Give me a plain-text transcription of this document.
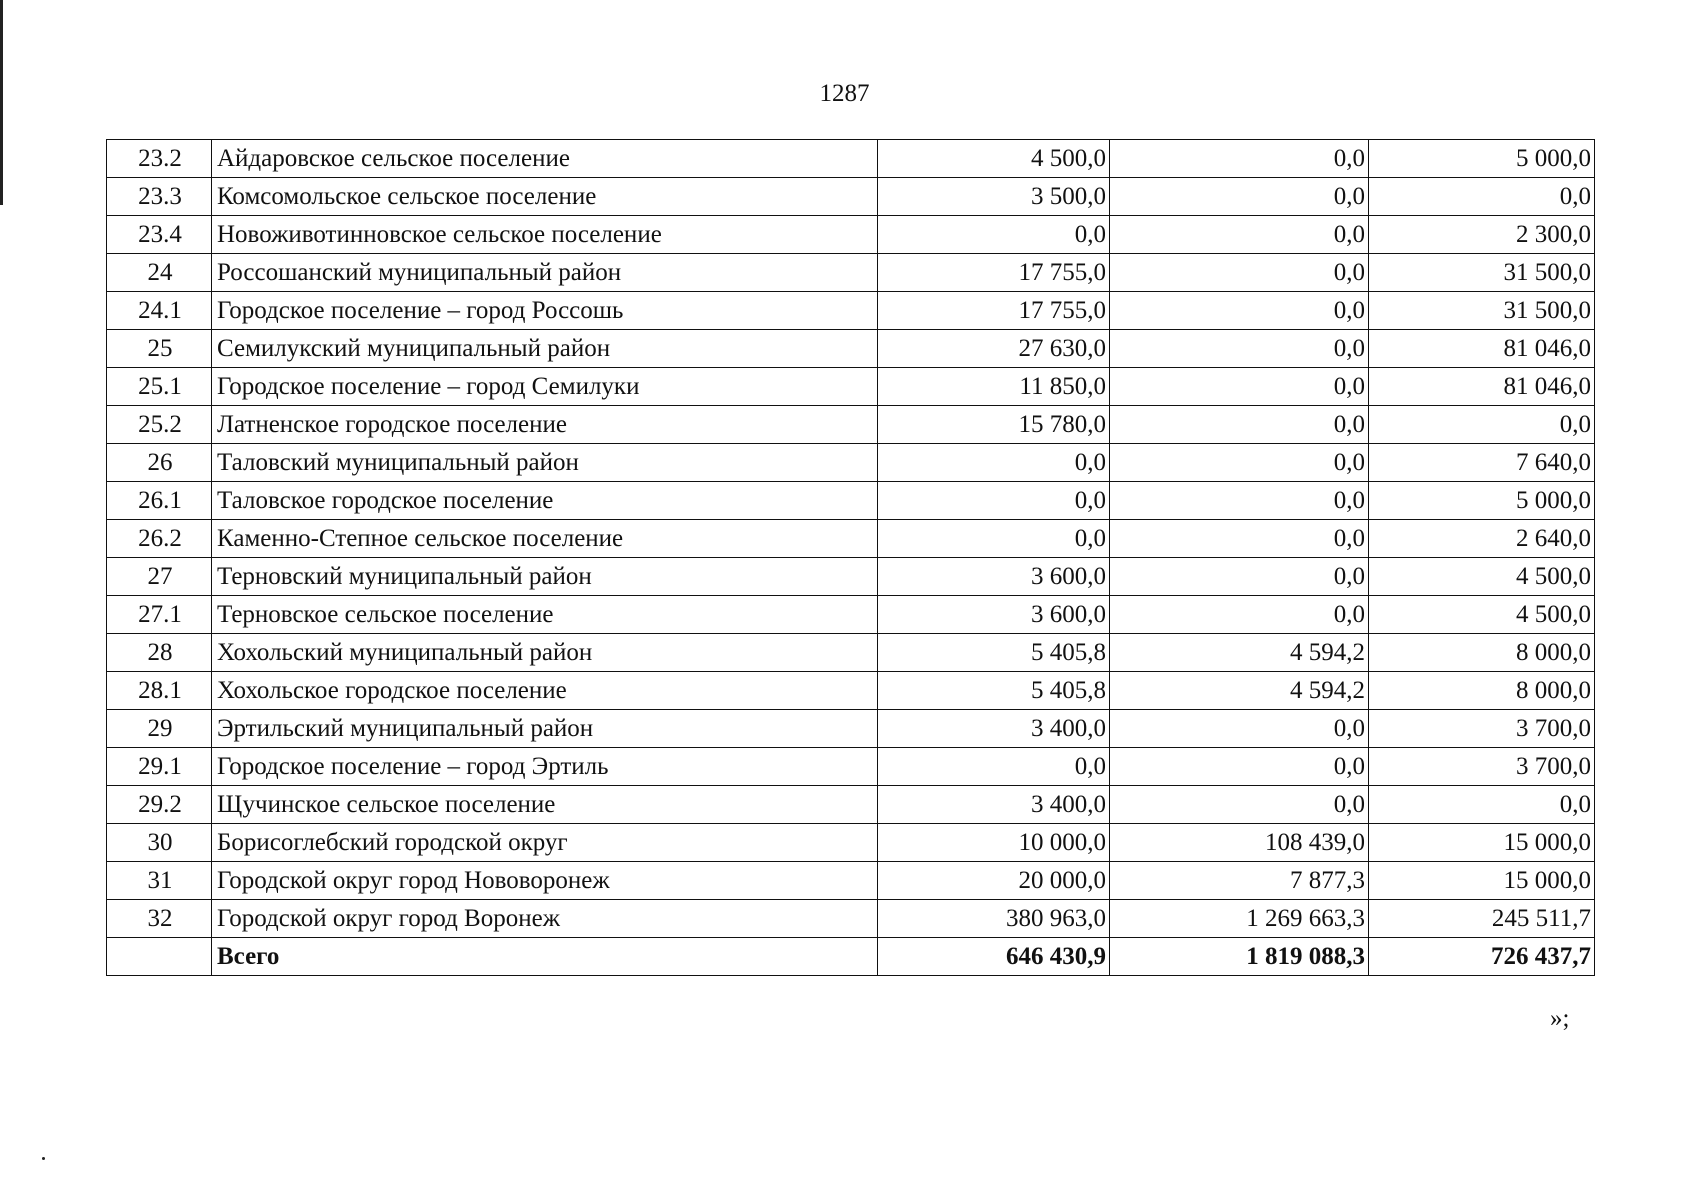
1287
23.2	Айдаровское сельское поселение	4 500,0	0,0	5 000,0
23.3	Комсомольское сельское поселение	3 500,0	0,0	0,0
23.4	Новоживотинновское сельское поселение	0,0	0,0	2 300,0
24	Россошанский муниципальный район	17 755,0	0,0	31 500,0
24.1	Городское поселение – город Россошь	17 755,0	0,0	31 500,0
25	Семилукский муниципальный район	27 630,0	0,0	81 046,0
25.1	Городское поселение – город Семилуки	11 850,0	0,0	81 046,0
25.2	Латненское городское поселение	15 780,0	0,0	0,0
26	Таловский муниципальный район	0,0	0,0	7 640,0
26.1	Таловское городское поселение	0,0	0,0	5 000,0
26.2	Каменно-Степное сельское поселение	0,0	0,0	2 640,0
27	Терновский муниципальный район	3 600,0	0,0	4 500,0
27.1	Терновское сельское поселение	3 600,0	0,0	4 500,0
28	Хохольский муниципальный район	5 405,8	4 594,2	8 000,0
28.1	Хохольское городское поселение	5 405,8	4 594,2	8 000,0
29	Эртильский муниципальный район	3 400,0	0,0	3 700,0
29.1	Городское поселение – город Эртиль	0,0	0,0	3 700,0
29.2	Щучинское сельское поселение	3 400,0	0,0	0,0
30	Борисоглебский городской округ	10 000,0	108 439,0	15 000,0
31	Городской округ город Нововоронеж	20 000,0	7 877,3	15 000,0
32	Городской округ город Воронеж	380 963,0	1 269 663,3	245 511,7
	Всего	646 430,9	1 819 088,3	726 437,7
»;
